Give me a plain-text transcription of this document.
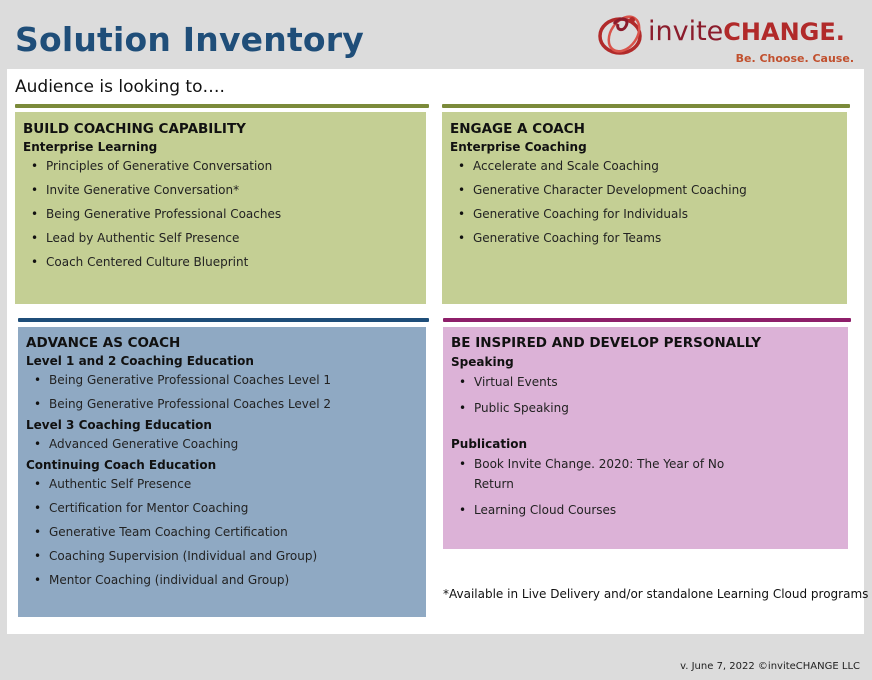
Solution Inventory	inviteCHANGE.
Be. Choose. Cause.
Audience is looking to….
BUILD COACHING CAPABILITY
Enterprise Learning
• Principles of Generative Conversation
• Invite Generative Conversation*
• Being Generative Professional Coaches
• Lead by Authentic Self Presence
• Coach Centered Culture Blueprint
ENGAGE A COACH
Enterprise Coaching
• Accelerate and Scale Coaching
• Generative Character Development Coaching
• Generative Coaching for Individuals
• Generative Coaching for Teams
ADVANCE AS COACH
Level 1 and 2 Coaching Education
• Being Generative Professional Coaches Level 1
• Being Generative Professional Coaches Level 2
Level 3 Coaching Education
• Advanced Generative Coaching
Continuing Coach Education
• Authentic Self Presence
• Certification for Mentor Coaching
• Generative Team Coaching Certification
• Coaching Supervision (Individual and Group)
• Mentor Coaching (individual and Group)
BE INSPIRED AND DEVELOP PERSONALLY
Speaking
• Virtual Events
• Public Speaking
Publication
• Book Invite Change. 2020: The Year of No Return
• Learning Cloud Courses
*Available in Live Delivery and/or standalone Learning Cloud programs
v. June 7, 2022 ©inviteCHANGE LLC
